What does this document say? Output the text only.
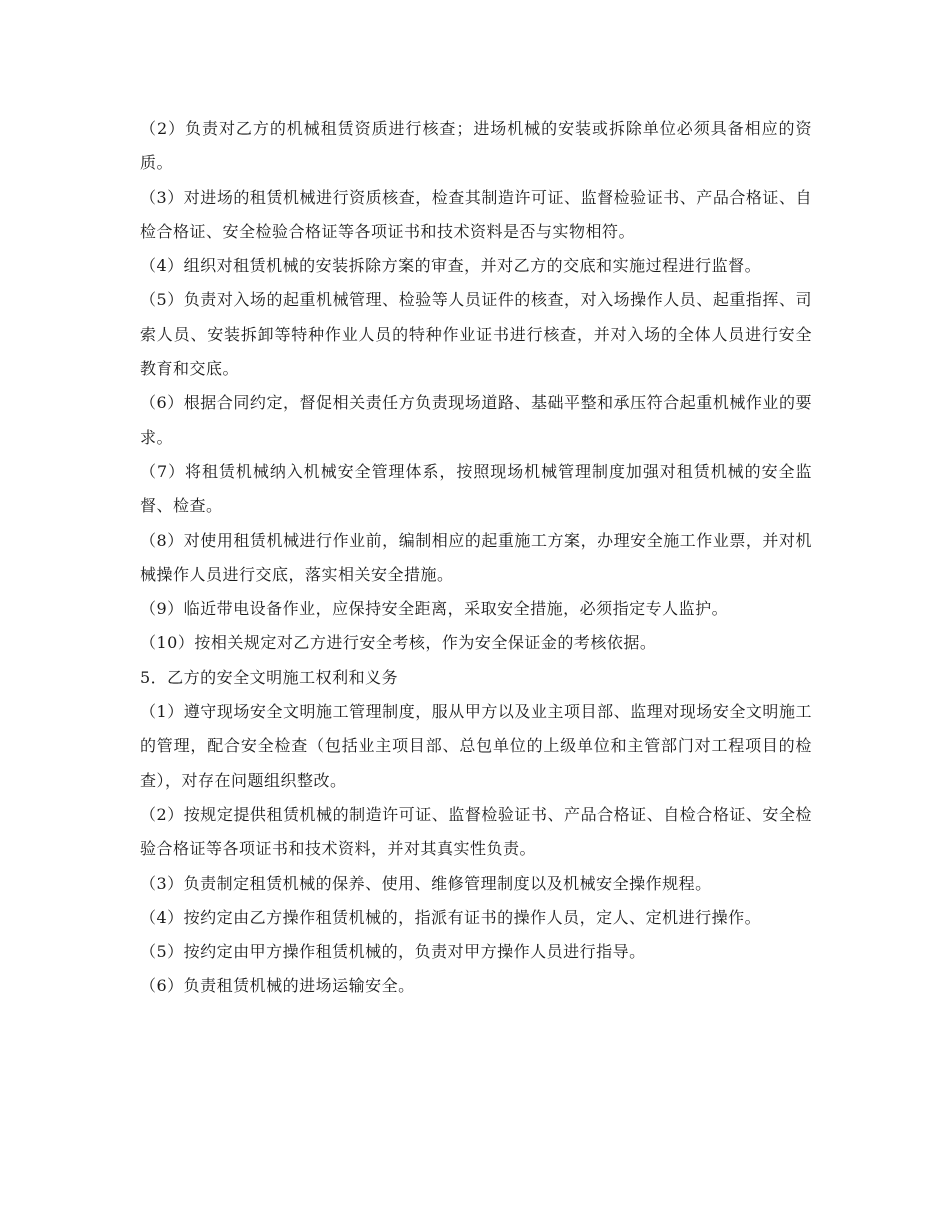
（2）负责对乙方的机械租赁资质进行核查；进场机械的安装或拆除单位必须具备相应的资质。

（3）对进场的租赁机械进行资质核查，检查其制造许可证、监督检验证书、产品合格证、自检合格证、安全检验合格证等各项证书和技术资料是否与实物相符。

（4）组织对租赁机械的安装拆除方案的审查，并对乙方的交底和实施过程进行监督。

（5）负责对入场的起重机械管理、检验等人员证件的核查，对入场操作人员、起重指挥、司索人员、安装拆卸等特种作业人员的特种作业证书进行核查，并对入场的全体人员进行安全教育和交底。

（6）根据合同约定，督促相关责任方负责现场道路、基础平整和承压符合起重机械作业的要求。

（7）将租赁机械纳入机械安全管理体系，按照现场机械管理制度加强对租赁机械的安全监督、检查。

（8）对使用租赁机械进行作业前，编制相应的起重施工方案，办理安全施工作业票，并对机械操作人员进行交底，落实相关安全措施。

（9）临近带电设备作业，应保持安全距离，采取安全措施，必须指定专人监护。

（10）按相关规定对乙方进行安全考核，作为安全保证金的考核依据。

5．乙方的安全文明施工权利和义务

（1）遵守现场安全文明施工管理制度，服从甲方以及业主项目部、监理对现场安全文明施工的管理，配合安全检查（包括业主项目部、总包单位的上级单位和主管部门对工程项目的检查），对存在问题组织整改。

（2）按规定提供租赁机械的制造许可证、监督检验证书、产品合格证、自检合格证、安全检验合格证等各项证书和技术资料，并对其真实性负责。

（3）负责制定租赁机械的保养、使用、维修管理制度以及机械安全操作规程。

（4）按约定由乙方操作租赁机械的，指派有证书的操作人员，定人、定机进行操作。

（5）按约定由甲方操作租赁机械的，负责对甲方操作人员进行指导。

（6）负责租赁机械的进场运输安全。
